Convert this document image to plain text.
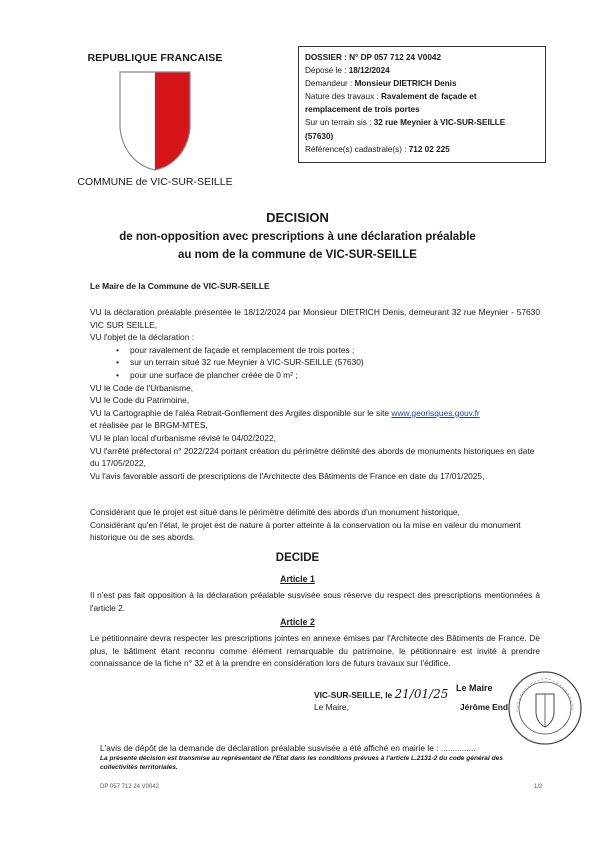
REPUBLIQUE FRANCAISE
COMMUNE de VIC-SUR-SEILLE
DOSSIER : N° DP 057 712 24 V0042
Déposé le : 18/12/2024
Demandeur : Monsieur DIETRICH Denis
Nature des travaux : Ravalement de façade et
remplacement de trois portes
Sur un terrain sis : 32 rue Meynier à VIC-SUR-SEILLE
(57630)
Référence(s) cadastrale(s) : 712 02 225
DECISION
de non-opposition avec prescriptions à une déclaration préalable
au nom de la commune de VIC-SUR-SEILLE
Le Maire de la Commune de VIC-SUR-SEILLE
VU la déclaration préalable présentée le 18/12/2024 par Monsieur DIETRICH Denis, demeurant 32 rue Meynier - 57630 VIC SUR SEILLE,
VU l'objet de la déclaration :
• pour ravalement de façade et remplacement de trois portes ;
• sur un terrain situé 32 rue Meynier à VIC-SUR-SEILLE (57630)
• pour une surface de plancher créée de 0 m² ;
VU le Code de l'Urbanisme,
VU le Code du Patrimoine,
VU la Cartographie de l'aléa Retrait-Gonflement des Argiles disponible sur le site www.georisques.gouv.fr
et réalisée par le BRGM-MTES,
VU le plan local d'urbanisme révisé le 04/02/2022,
VU l'arrêté préfectoral n° 2022/224 portant création du périmètre délimité des abords de monuments historiques en date du 17/05/2022,
Vu l'avis favorable assorti de prescriptions de l'Architecte des Bâtiments de France en date du 17/01/2025,
Considérant que le projet est situé dans le périmètre délimité des abords d'un monument historique,
Considérant qu'en l'état, le projet est de nature à porter atteinte à la conservation ou la mise en valeur du monument historique ou de ses abords.
DECIDE
Article 1
Il n'est pas fait opposition à la déclaration préalable susvisée sous réserve du respect des prescriptions mentionnées à l'article 2.
Article 2
Le pétitionnaire devra respecter les prescriptions jointes en annexe émises par l'Architecte des Bâtiments de France. De plus, le bâtiment étant reconnu comme élément remarquable du patrimoine, le pétitionnaire est invité à prendre connaissance de la fiche n° 32 et à la prendre en considération lors de futurs travaux sur l'édifice.
VIC-SUR-SEILLE, le 21/01/25
Le Maire,
Le Maire
Jérôme End
L'avis de dépôt de la demande de déclaration préalable susvisée a été affiché en mairie le : ...............
La présente décision est transmise au représentant de l'Etat dans les conditions prévues à l'article L.2131-2 du code général des collectivités territoriales.
DP 057 712 24 V0042	1/2
